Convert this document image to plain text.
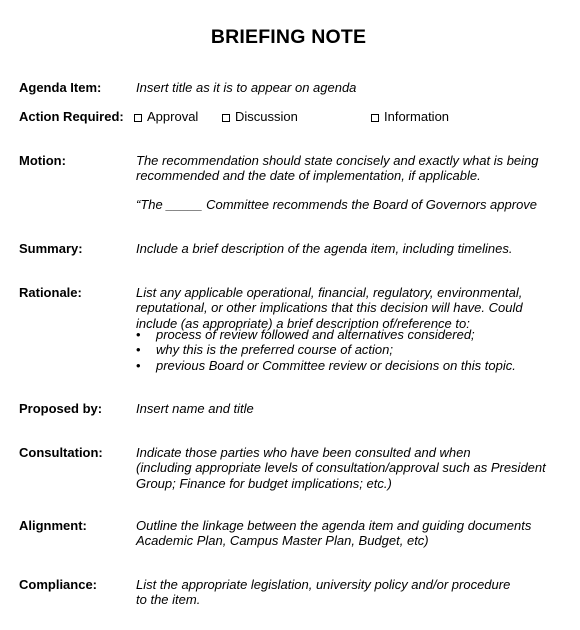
BRIEFING NOTE
Agenda Item:	Insert title as it is to appear on agenda
Action Required: Approval	Discussion	Information
Motion:	The recommendation should state concisely and exactly what is being
recommended and the date of implementation, if applicable.
“The _____ Committee recommends the Board of Governors approve
Summary:	Include a brief description of the agenda item, including timelines.
Rationale:	List any applicable operational, financial, regulatory, environmental,
reputational, or other implications that this decision will have. Could
include (as appropriate) a brief description of/reference to:
• process of review followed and alternatives considered;
• why this is the preferred course of action;
• previous Board or Committee review or decisions on this topic.
Proposed by:	Insert name and title
Consultation:	Indicate those parties who have been consulted and when
(including appropriate levels of consultation/approval such as President
Group; Finance for budget implications; etc.)
Alignment:	Outline the linkage between the agenda item and guiding documents
Academic Plan, Campus Master Plan, Budget, etc)
Compliance:	List the appropriate legislation, university policy and/or procedure
to the item.
